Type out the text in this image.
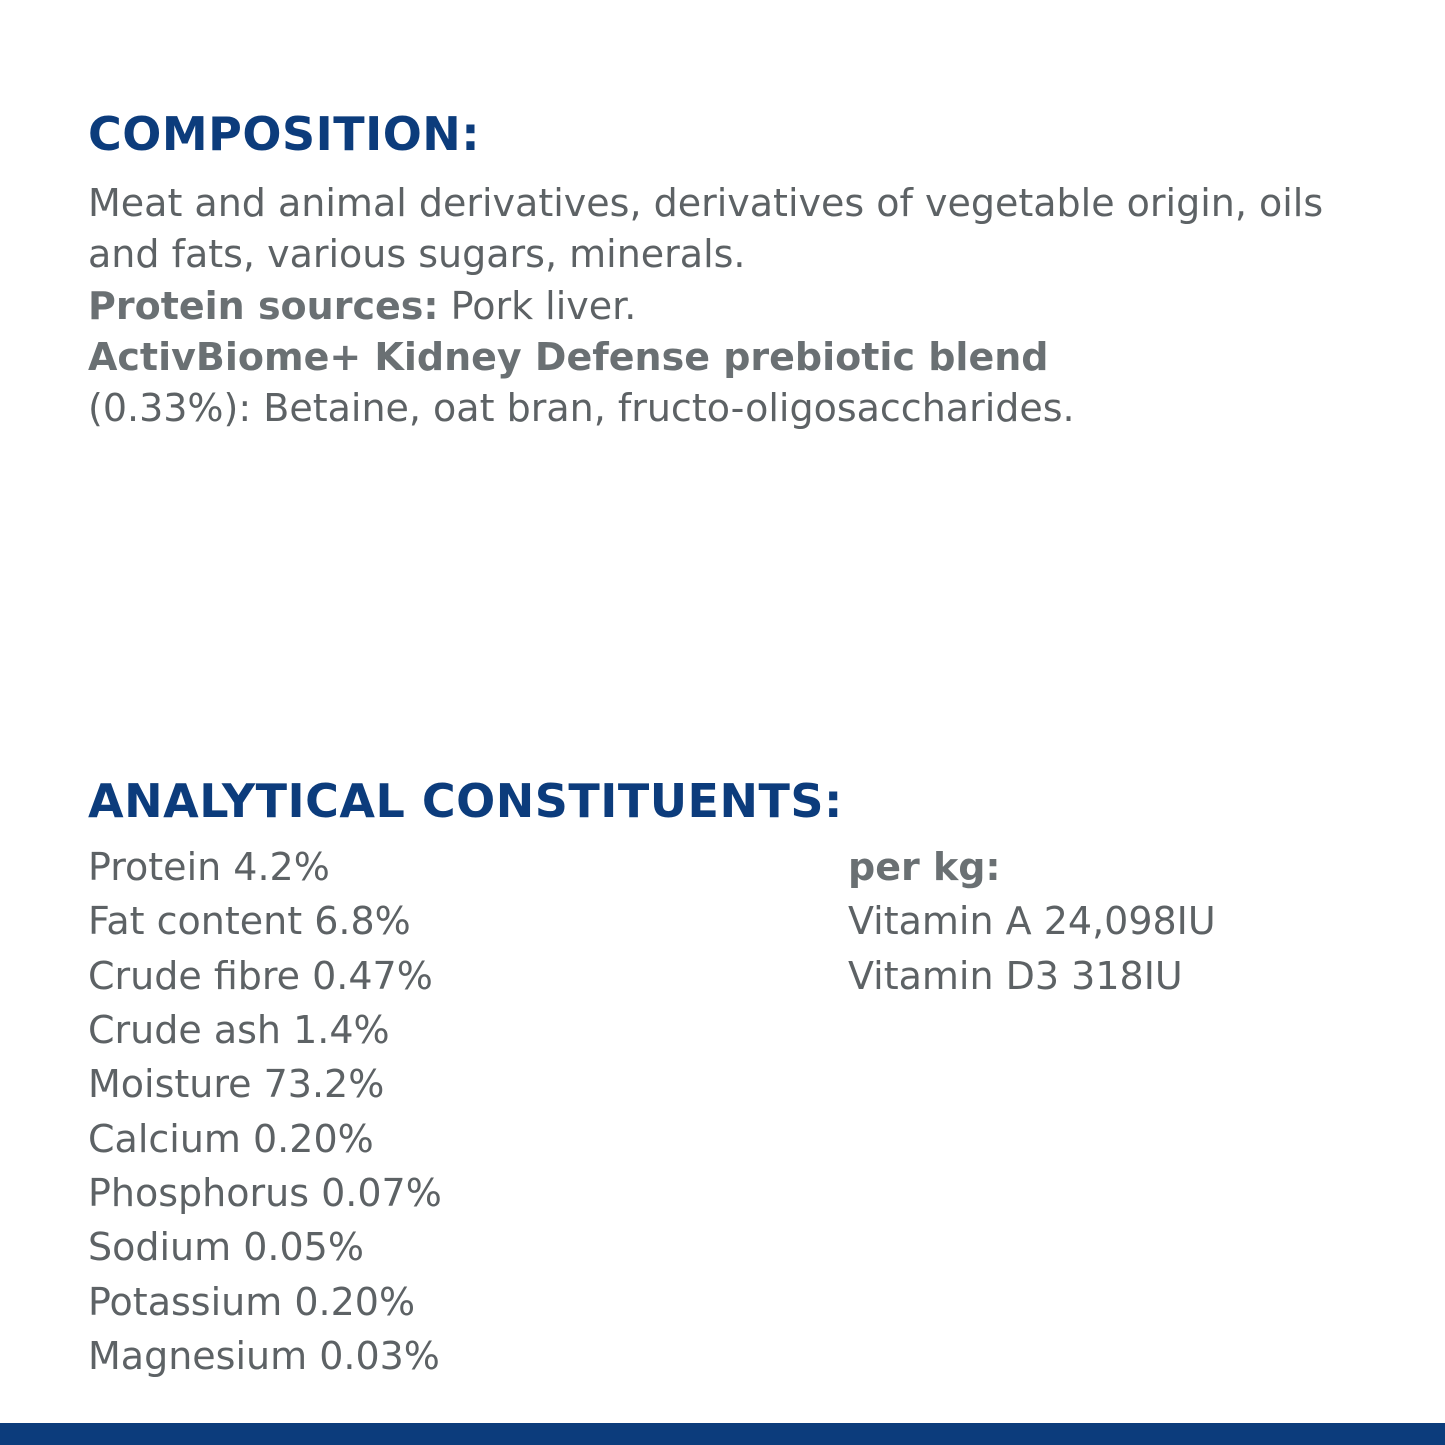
COMPOSITION:

Meat and animal derivatives, derivatives of vegetable origin, oils and fats, various sugars, minerals.

Protein sources: Pork liver.

ActivBiome+ Kidney Defense prebiotic blend
(0.33%): Betaine, oat bran, fructo-oligosaccharides.

ANALYTICAL CONSTITUENTS:
Protein 4.2%
Fat content 6.8%
Crude fibre 0.47%
Crude ash 1.4%
Moisture 73.2%
Calcium 0.20%
Phosphorus 0.07%
Sodium 0.05%
Potassium 0.20%
Magnesium 0.03%
per kg:
Vitamin A 24,098IU
Vitamin D3 318IU
